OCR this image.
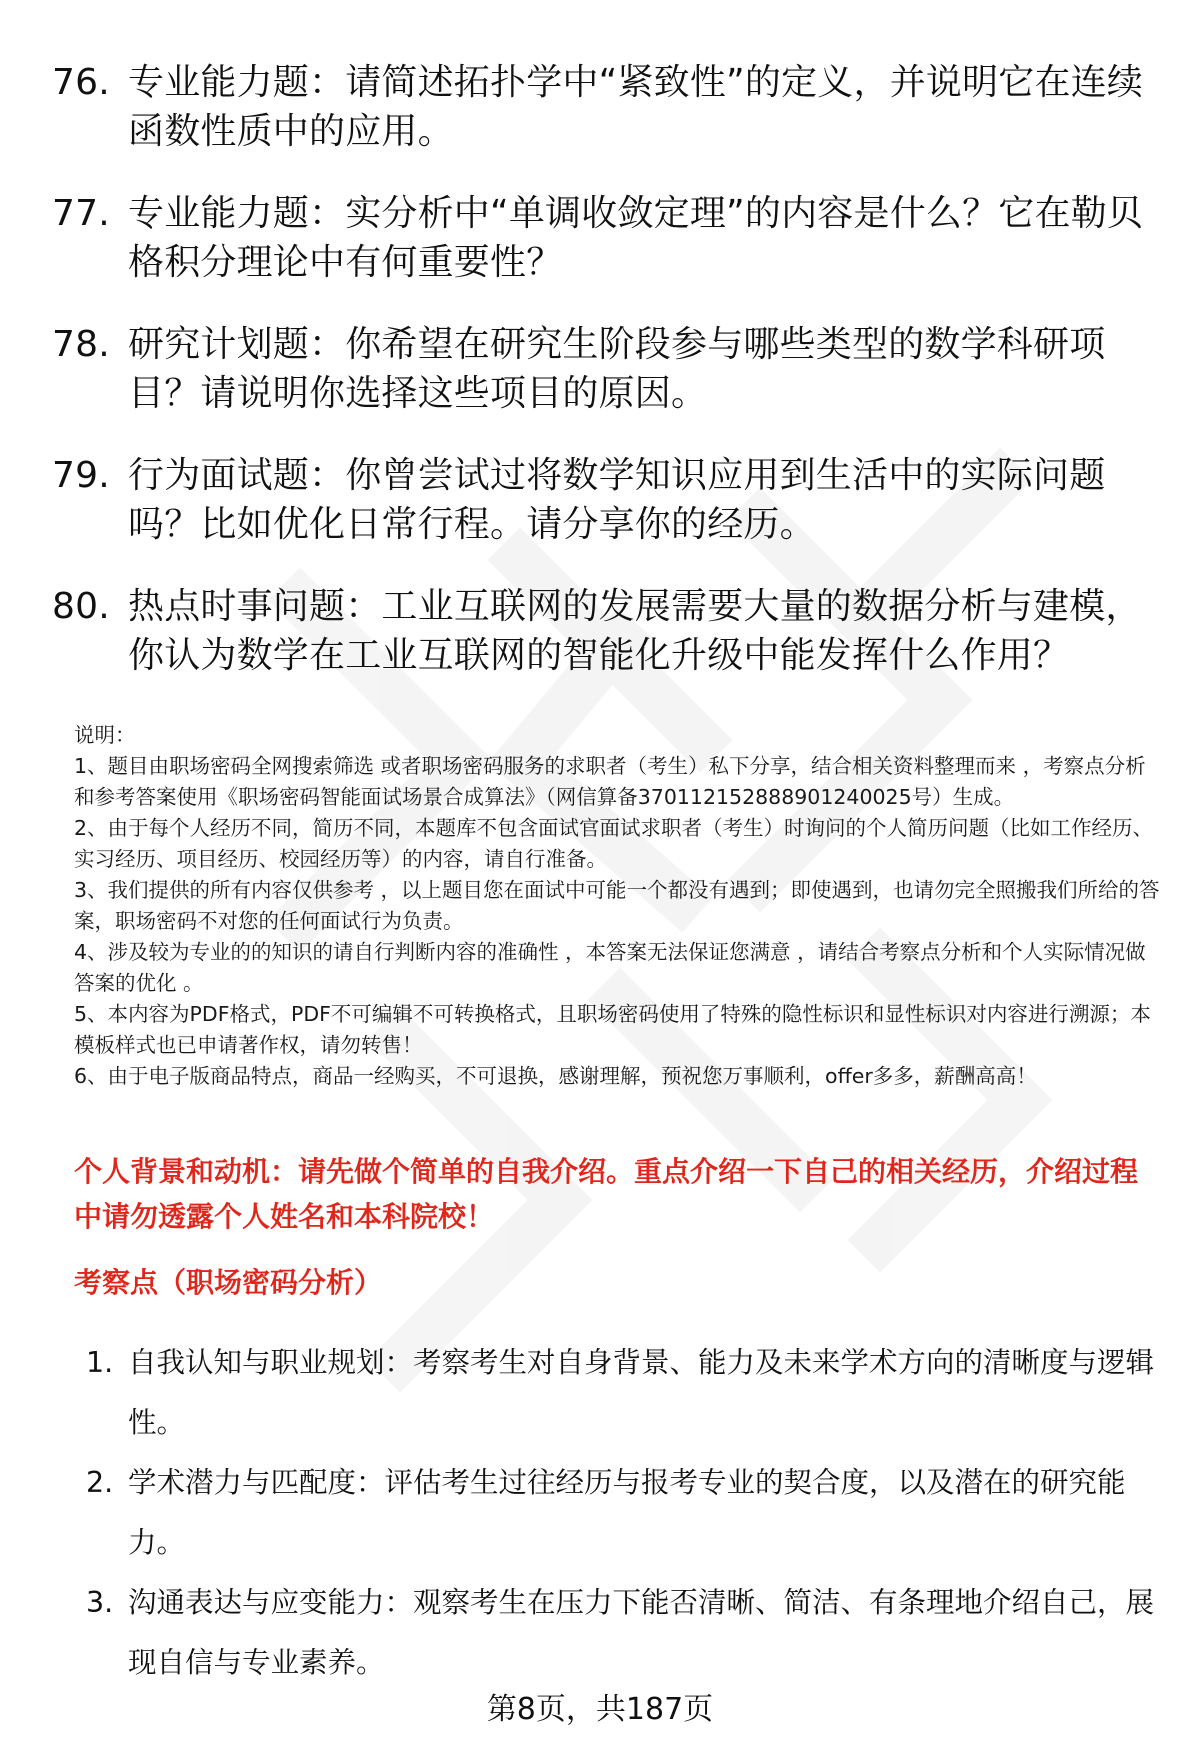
76. 专业能力题：请简述拓扑学中“紧致性”的定义，并说明它在连续函数性质中的应用。
77. 专业能力题：实分析中“单调收敛定理”的内容是什么？它在勒贝格积分理论中有何重要性？
78. 研究计划题：你希望在研究生阶段参与哪些类型的数学科研项目？请说明你选择这些项目的原因。
79. 行为面试题：你曾尝试过将数学知识应用到生活中的实际问题吗？比如优化日常行程。请分享你的经历。
80. 热点时事问题：工业互联网的发展需要大量的数据分析与建模，你认为数学在工业互联网的智能化升级中能发挥什么作用？

说明：

1、题目由职场密码全网搜索筛选 或者职场密码服务的求职者（考生）私下分享，结合相关资料整理而来 ，考察点分析和参考答案使用《职场密码智能面试场景合成算法》（网信算备370112152888901240025号）生成。

2、由于每个人经历不同，简历不同，本题库不包含面试官面试求职者（考生）时询问的个人简历问题（比如工作经历、实习经历、项目经历、校园经历等）的内容，请自行准备。

3、我们提供的所有内容仅供参考 ，以上题目您在面试中可能一个都没有遇到；即使遇到，也请勿完全照搬我们所给的答案，职场密码不对您的任何面试行为负责。

4、涉及较为专业的的知识的请自行判断内容的准确性 ，本答案无法保证您满意 ，请结合考察点分析和个人实际情况做答案的优化 。

5、本内容为PDF格式，PDF不可编辑不可转换格式，且职场密码使用了特殊的隐性标识和显性标识对内容进行溯源；本模板样式也已申请著作权，请勿转售！

6、由于电子版商品特点，商品一经购买，不可退换，感谢理解，预祝您万事顺利，offer多多，薪酬高高！

个人背景和动机：请先做个简单的自我介绍。重点介绍一下自己的相关经历，介绍过程中请勿透露个人姓名和本科院校！

考察点（职场密码分析）

1. 自我认知与职业规划：考察考生对自身背景、能力及未来学术方向的清晰度与逻辑性。
2. 学术潜力与匹配度：评估考生过往经历与报考专业的契合度，以及潜在的研究能力。
3. 沟通表达与应变能力：观察考生在压力下能否清晰、简洁、有条理地介绍自己，展现自信与专业素养。
第8页，共187页
